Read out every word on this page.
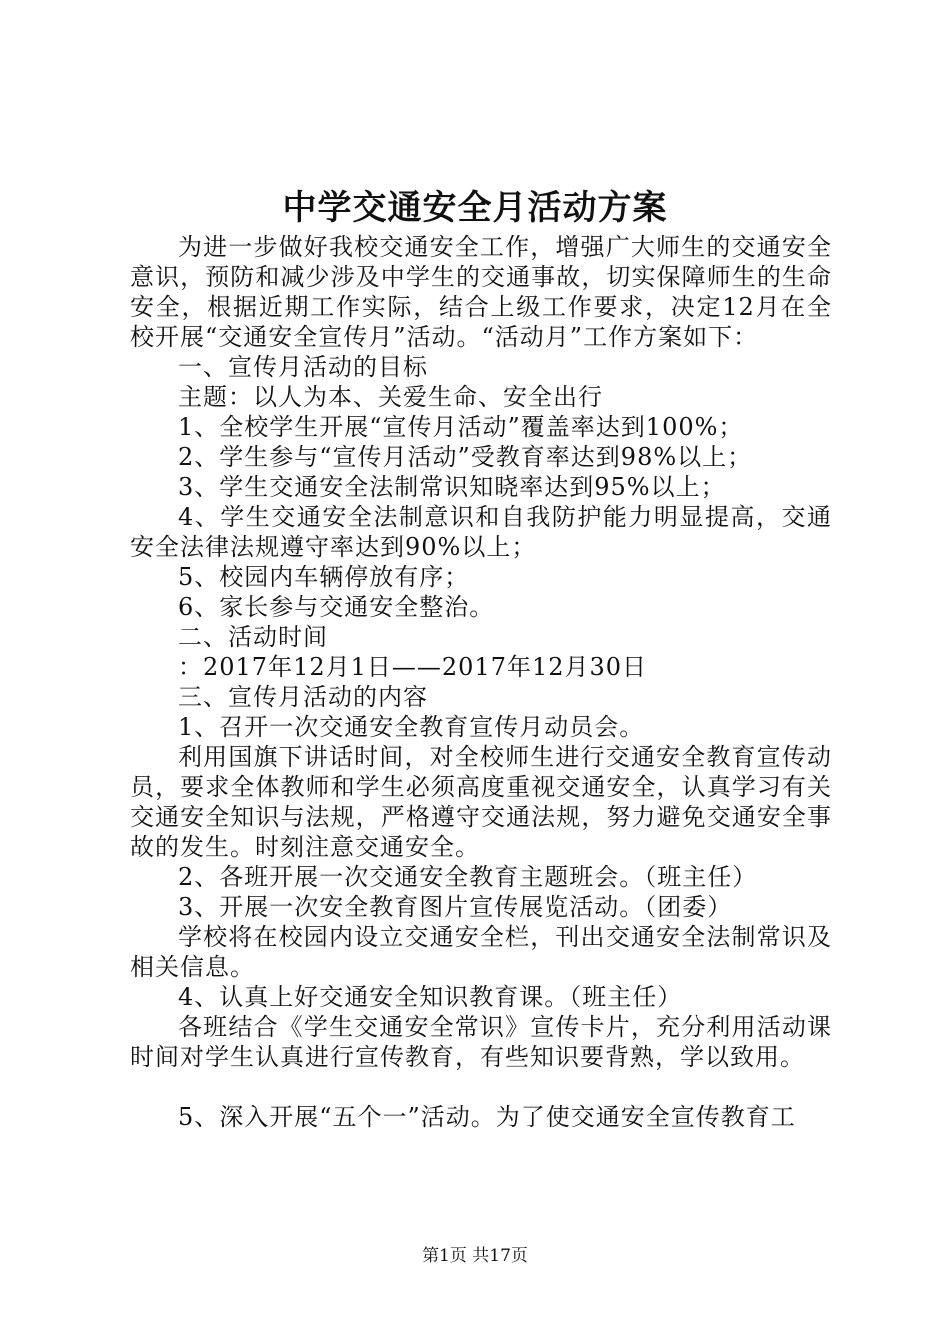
中学交通安全月活动方案

为进一步做好我校交通安全工作，增强广大师生的交通安全意识，预防和减少涉及中学生的交通事故，切实保障师生的生命安全，根据近期工作实际，结合上级工作要求，决定12月在全校开展“交通安全宣传月”活动。“活动月”工作方案如下：

一、宣传月活动的目标

主题：以人为本、关爱生命、安全出行

1、全校学生开展“宣传月活动”覆盖率达到100%；

2、学生参与“宣传月活动”受教育率达到98%以上；

3、学生交通安全法制常识知晓率达到95%以上；

4、学生交通安全法制意识和自我防护能力明显提高，交通安全法律法规遵守率达到90%以上；

5、校园内车辆停放有序；

6、家长参与交通安全整治。

二、活动时间

：2017年12月1日——2017年12月30日

三、宣传月活动的内容

1、召开一次交通安全教育宣传月动员会。

利用国旗下讲话时间，对全校师生进行交通安全教育宣传动员，要求全体教师和学生必须高度重视交通安全，认真学习有关交通安全知识与法规，严格遵守交通法规，努力避免交通安全事故的发生。时刻注意交通安全。

2、各班开展一次交通安全教育主题班会。（班主任）

3、开展一次安全教育图片宣传展览活动。（团委）

学校将在校园内设立交通安全栏，刊出交通安全法制常识及相关信息。

4、认真上好交通安全知识教育课。（班主任）

各班结合《学生交通安全常识》宣传卡片，充分利用活动课时间对学生认真进行宣传教育，有些知识要背熟，学以致用。

5、深入开展“五个一”活动。为了使交通安全宣传教育工

第1页 共17页
